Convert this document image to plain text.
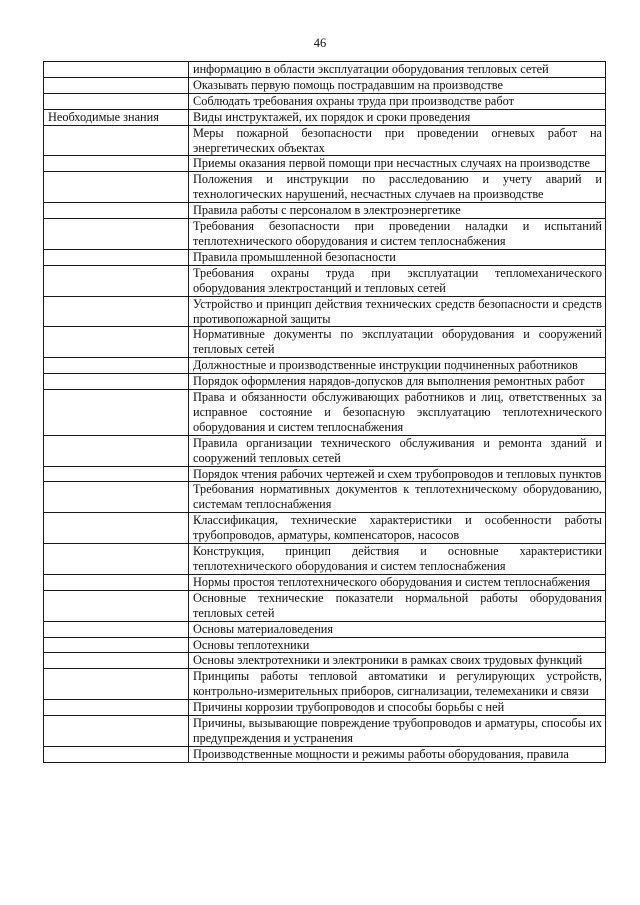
46
	информацию в области эксплуатации оборудования тепловых сетей
	Оказывать первую помощь пострадавшим на производстве
	Соблюдать требования охраны труда при производстве работ
Необходимые знания	Виды инструктажей, их порядок и сроки проведения
	Меры пожарной безопасности при проведении огневых работ на энергетических объектах
	Приемы оказания первой помощи при несчастных случаях на производстве
	Положения и инструкции по расследованию и учету аварий и технологических нарушений, несчастных случаев на производстве
	Правила работы с персоналом в электроэнергетике
	Требования безопасности при проведении наладки и испытаний теплотехнического оборудования и систем теплоснабжения
	Правила промышленной безопасности
	Требования охраны труда при эксплуатации тепломеханического оборудования электростанций и тепловых сетей
	Устройство и принцип действия технических средств безопасности и средств противопожарной защиты
	Нормативные документы по эксплуатации оборудования и сооружений тепловых сетей
	Должностные и производственные инструкции подчиненных работников
	Порядок оформления нарядов-допусков для выполнения ремонтных работ
	Права и обязанности обслуживающих работников и лиц, ответственных за исправное состояние и безопасную эксплуатацию теплотехнического оборудования и систем теплоснабжения
	Правила организации технического обслуживания и ремонта зданий и сооружений тепловых сетей
	Порядок чтения рабочих чертежей и схем трубопроводов и тепловых пунктов
	Требования нормативных документов к теплотехническому оборудованию, системам теплоснабжения
	Классификация, технические характеристики и особенности работы трубопроводов, арматуры, компенсаторов, насосов
	Конструкция, принцип действия и основные характеристики теплотехнического оборудования и систем теплоснабжения
	Нормы простоя теплотехнического оборудования и систем теплоснабжения
	Основные технические показатели нормальной работы оборудования тепловых сетей
	Основы материаловедения
	Основы теплотехники
	Основы электротехники и электроники в рамках своих трудовых функций
	Принципы работы тепловой автоматики и регулирующих устройств, контрольно-измерительных приборов, сигнализации, телемеханики и связи
	Причины коррозии трубопроводов и способы борьбы с ней
	Причины, вызывающие повреждение трубопроводов и арматуры, способы их предупреждения и устранения
	Производственные мощности и режимы работы оборудования, правила
